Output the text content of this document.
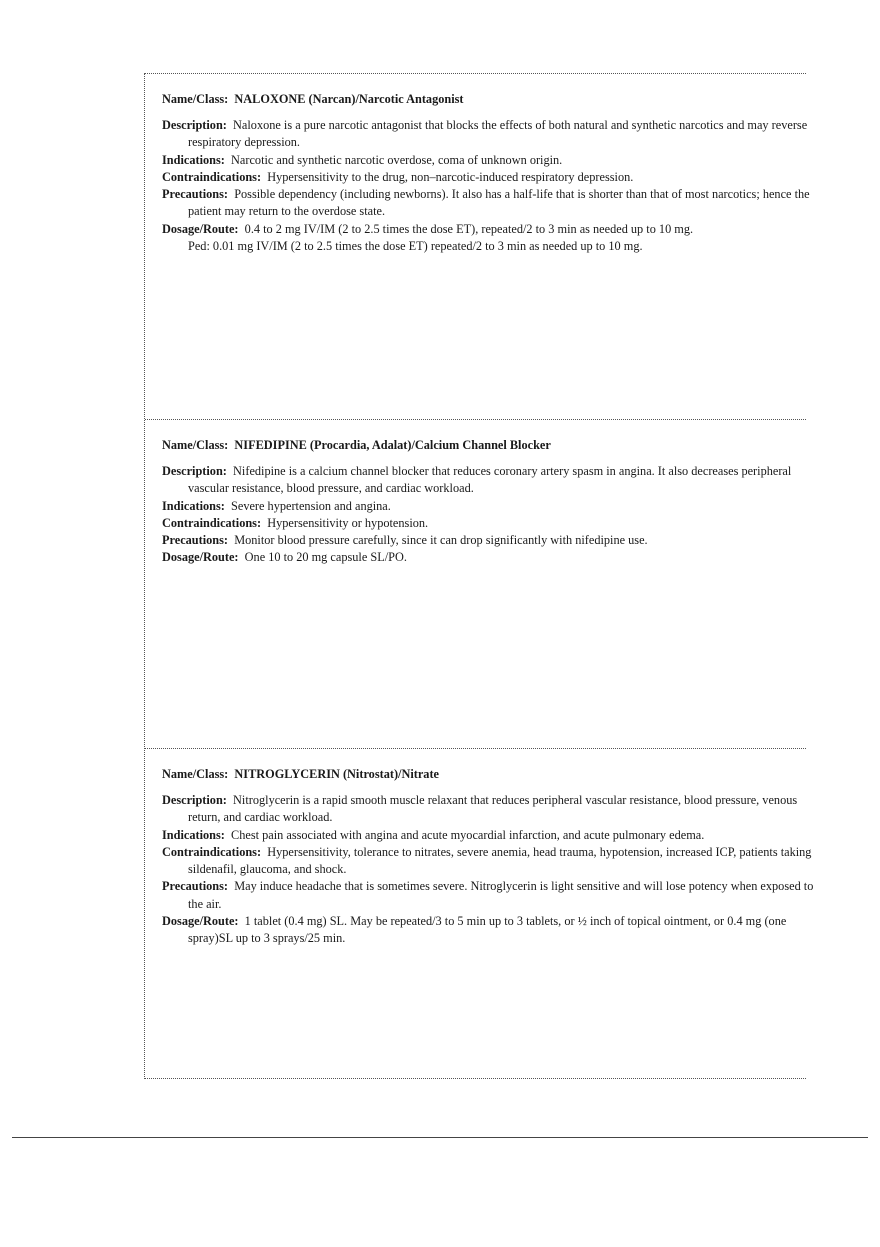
Name/Class: NALOXONE (Narcan)/Narcotic Antagonist

Description: Naloxone is a pure narcotic antagonist that blocks the effects of both natural and synthetic narcotics and may reverse respiratory depression.

Indications: Narcotic and synthetic narcotic overdose, coma of unknown origin.

Contraindications: Hypersensitivity to the drug, non–narcotic-induced respiratory depression.

Precautions: Possible dependency (including newborns). It also has a half-life that is shorter than that of most narcotics; hence the patient may return to the overdose state.

Dosage/Route: 0.4 to 2 mg IV/IM (2 to 2.5 times the dose ET), repeated/2 to 3 min as needed up to 10 mg.

Ped: 0.01 mg IV/IM (2 to 2.5 times the dose ET) repeated/2 to 3 min as needed up to 10 mg.

Name/Class: NIFEDIPINE (Procardia, Adalat)/Calcium Channel Blocker

Description: Nifedipine is a calcium channel blocker that reduces coronary artery spasm in angina. It also decreases peripheral vascular resistance, blood pressure, and cardiac workload.

Indications: Severe hypertension and angina.

Contraindications: Hypersensitivity or hypotension.

Precautions: Monitor blood pressure carefully, since it can drop significantly with nifedipine use.

Dosage/Route: One 10 to 20 mg capsule SL/PO.

Name/Class: NITROGLYCERIN (Nitrostat)/Nitrate

Description: Nitroglycerin is a rapid smooth muscle relaxant that reduces peripheral vascular resistance, blood pressure, venous return, and cardiac workload.

Indications: Chest pain associated with angina and acute myocardial infarction, and acute pulmonary edema.

Contraindications: Hypersensitivity, tolerance to nitrates, severe anemia, head trauma, hypotension, increased ICP, patients taking sildenafil, glaucoma, and shock.

Precautions: May induce headache that is sometimes severe. Nitroglycerin is light sensitive and will lose potency when exposed to the air.

Dosage/Route: 1 tablet (0.4 mg) SL. May be repeated/3 to 5 min up to 3 tablets, or ½ inch of topical ointment, or 0.4 mg (one spray)SL up to 3 sprays/25 min.
